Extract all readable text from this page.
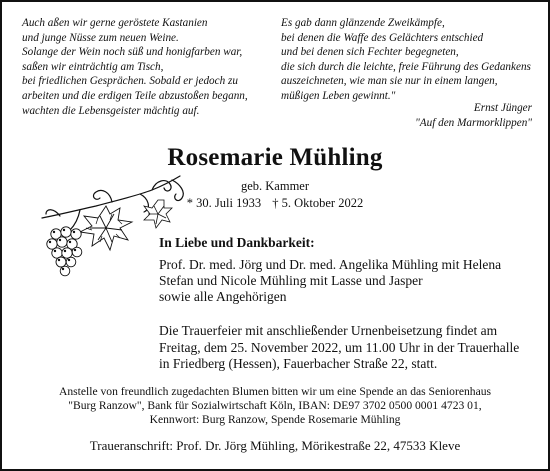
Auch aßen wir gerne geröstete Kastanien
und junge Nüsse zum neuen Weine.
Solange der Wein noch süß und honigfarben war,
saßen wir einträchtig am Tisch,
bei friedlichen Gesprächen. Sobald er jedoch zu
arbeiten und die erdigen Teile abzustoßen begann,
wachten die Lebensgeister mächtig auf.
Es gab dann glänzende Zweikämpfe,
bei denen die Waffe des Gelächters entschied
und bei denen sich Fechter begegneten,
die sich durch die leichte, freie Führung des Gedankens
auszeichneten, wie man sie nur in einem langen,
müßigen Leben gewinnt."
Ernst Jünger
"Auf den Marmorklippen"
Rosemarie Mühling
geb. Kammer
* 30. Juli 1933 † 5. Oktober 2022
In Liebe und Dankbarkeit:
Prof. Dr. med. Jörg und Dr. med. Angelika Mühling mit Helena
Stefan und Nicole Mühling mit Lasse und Jasper
sowie alle Angehörigen
Die Trauerfeier mit anschließender Urnenbeisetzung findet am
Freitag, dem 25. November 2022, um 11.00 Uhr in der Trauerhalle
in Friedberg (Hessen), Fauerbacher Straße 22, statt.
Anstelle von freundlich zugedachten Blumen bitten wir um eine Spende an das Seniorenhaus
"Burg Ranzow", Bank für Sozialwirtschaft Köln, IBAN: DE97 3702 0500 0001 4723 01,
Kennwort: Burg Ranzow, Spende Rosemarie Mühling
Traueranschrift: Prof. Dr. Jörg Mühling, Mörikestraße 22, 47533 Kleve
